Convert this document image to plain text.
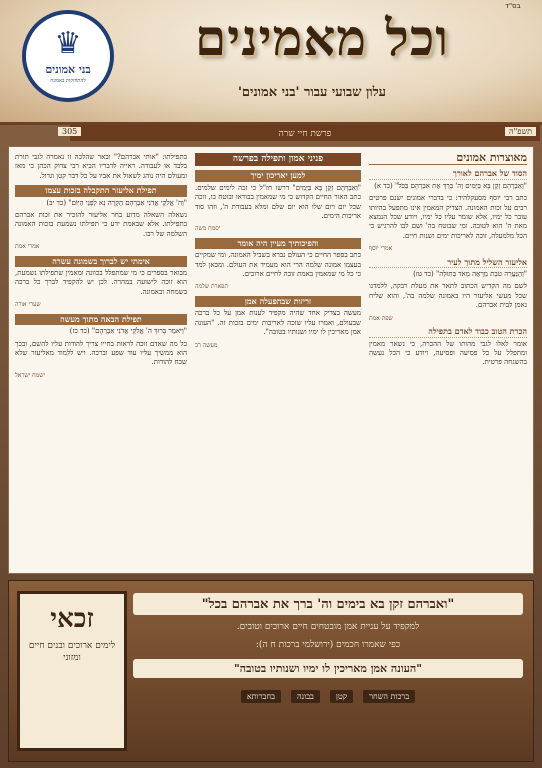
♛
בני אמונים
להתחזקות באמונה
וכל מאמינים
עלון שבועי עבור 'בני אמונים'
בס"ד
פרשת חיי שרה
305	תשפ"ה
מאוצרות אמונים
הסוד של אברהם לאורך
"וְאַבְרָהָם זָקֵן בָּא בַּיָּמִים וַה' בֵּרַךְ אֶת אַבְרָהָם בַּכֹּל" (כד א)
כתב רבי יוסף מסעקלהיד: כי בדברי אמונים ישנם פרטים רבים על זכות האמונה. הצדיק המאמין אינו מתפעל בהיותו עובר כל ימיו, אלא שומר עליו כל ימיו, ויודע שכל הנמצא מאת ה' הוא לטובה. ומי שבוטח בה' ושם לבו להרגיש כי הכל מלמעלה, זוכה לאריכות ימים ושנות חיים.
אמרי יוסף
אליעזר השליל מתוך לעיר
"וְהַנַּעֲרָה טֹבַת מַרְאֶה מְאֹד בְּתוּלָה" (כד טז)
לשם מה הקדיש הכתוב לתאר את מעלת רבקה, ללמדנו שכל מעשי אליעזר היו באמונה שלמה בה', והוא שליח נאמן לבית אברהם.
שפת אמת
הכרת הטוב כבוד לאדם בתפילה
אומר לאלו לגבי מהותו של ההכרה, כי נשאר מאמין ומתפלל על כל פסיעה ופסיעה, ויודע כי הכל נעשה בהשגחה פרטית.
פניני אמון ותפילה בפרשה
למען יאריכון ימיך
"וְאַבְרָהָם זָקֵן בָּא בַּיָּמִים" דרשו חז"ל כי זכה לימים שלמים. כתב האור החיים הקדוש כי מי שמאמין בבוראו ובוטח בו, זוכה שכל יום ויום שלו הוא יום שלם ומלא בעבודת ה', וזהו סוד אריכות הימים.
יסמח משה
והפיכותיך מעיין היה אומר
כתב בספר החיים כי העולם נברא בשביל האמונה, ומי שמקיים בעצמו אמונה שלמה הרי הוא מעמיד את העולם. ומכאן למד כי כל מי שמאמין באמת זוכה לחיים ארוכים.
תפארת שלמה
זריזות שבהפעלה אמן
מעשה בצדיק אחד שהיה מקפיד לענות אמן על כל ברכה שבעולם, ואמרו עליו שזכה לאריכות ימים בזכות זה. "העונה אמן מאריכין לו ימיו ושנותיו בטובה".
מעשה רב
בתפילתו: "אותי אברהם?" ובאר שהלכה זו נאמרה לגבי תורת בלבד או לעבודה. ראייה לדבריו הביא רבי צדוק הכהן כי מאז ומעולם היה נוהג לשאול את אביו על כל דבר קטן וגדול.
תפילת אליעזר התקבלה בזכות עצמו
"וַה' אֱלֹקֵי אֲדֹנִי אַבְרָהָם הַקְרֵה נָא לְפָנַי הַיּוֹם" (כד יב)
נשאלה השאלה מדוע בחר אליעזר להזכיר את זכות אברהם בתפילתו. אלא שבאמת ידע כי תפילתו נשמעת בזכות האמונה השלמה של רבו.
אמרי אמת
אימתי יש לברוך בשמונה עשרה
מבואר בספרים כי מי שמתפלל בכוונה ומאמין שתפילתו נשמעת, הוא זוכה לישועה במהרה. לכן יש להקפיד לברך כל ברכה בשמחה ובאמונה.
שערי אורה
תפילת הבאה מתוך מעשה
"וַיֹּאמַר בָּרוּךְ ה' אֱלֹקֵי אֲדֹנִי אַבְרָהָם" (כד כז)
כל מה שאדם זוכה לראות בחייו צריך להודות עליו להשם, ובכך הוא ממשיך עליו עוד שפע וברכה. ויש ללמוד מאליעזר שלא שכח להודות.
ישמח ישראל
זכאי
לימים ארוכים ובנים חיים ומזוני
"ואברהם זקן בא בימים וה' ברך את אברהם בכל"
למקפיד על עניית אמן מובטחים חיים ארוכים וטובים.
כפי שאמרו חכמים (ירושלמי ברכות ח ה):
"העונה אמן מאריכין לו ימיו ושנותיו בטובה"
ברכות השחר
קטן
בבונה
בחברותא
